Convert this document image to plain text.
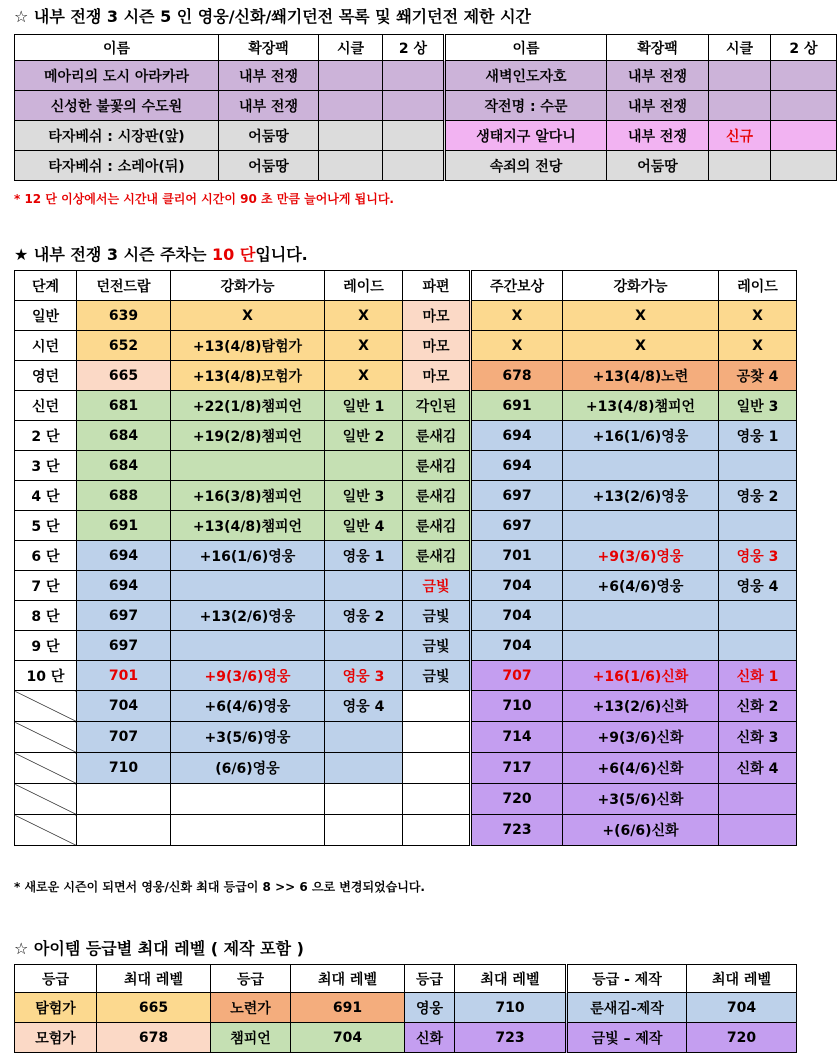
☆ 내부 전쟁 3 시즌 5 인 영웅/신화/쐐기던전 목록 및 쐐기던전 제한 시간
이름	확장팩	시클	2 상	이름	확장팩	시클	2 상
메아리의 도시 아라카라	내부 전쟁			새벽인도자호	내부 전쟁		
신성한 불꽃의 수도원	내부 전쟁			작전명 : 수문	내부 전쟁		
타자베쉬 : 시장판(앞)	어둠땅			생태지구 알다니	내부 전쟁	신규	
타자베쉬 : 소레아(뒤)	어둠땅			속죄의 전당	어둠땅		
* 12 단 이상에서는 시간내 클리어 시간이 90 초 만큼 늘어나게 됩니다.
★ 내부 전쟁 3 시즌 주차는 10 단입니다.
단계	던전드랍	강화가능	레이드	파편	주간보상	강화가능	레이드
일반	639	X	X	마모	X	X	X
시던	652	+13(4/8)탐험가	X	마모	X	X	X
영던	665	+13(4/8)모험가	X	마모	678	+13(4/8)노련	공찾 4
신던	681	+22(1/8)챔피언	일반 1	각인된	691	+13(4/8)챔피언	일반 3
2 단	684	+19(2/8)챔피언	일반 2	룬새김	694	+16(1/6)영웅	영웅 1
3 단	684			룬새김	694		
4 단	688	+16(3/8)챔피언	일반 3	룬새김	697	+13(2/6)영웅	영웅 2
5 단	691	+13(4/8)챔피언	일반 4	룬새김	697		
6 단	694	+16(1/6)영웅	영웅 1	룬새김	701	+9(3/6)영웅	영웅 3
7 단	694			금빛	704	+6(4/6)영웅	영웅 4
8 단	697	+13(2/6)영웅	영웅 2	금빛	704		
9 단	697			금빛	704		
10 단	701	+9(3/6)영웅	영웅 3	금빛	707	+16(1/6)신화	신화 1
	704	+6(4/6)영웅	영웅 4		710	+13(2/6)신화	신화 2
	707	+3(5/6)영웅			714	+9(3/6)신화	신화 3
	710	(6/6)영웅			717	+6(4/6)신화	신화 4
					720	+3(5/6)신화	
					723	+(6/6)신화	
* 새로운 시즌이 되면서 영웅/신화 최대 등급이 8 >> 6 으로 변경되었습니다.
☆ 아이템 등급별 최대 레벨 ( 제작 포함 )
등급	최대 레벨	등급	최대 레벨	등급	최대 레벨	등급 - 제작	최대 레벨
탐험가	665	노련가	691	영웅	710	룬새김-제작	704
모험가	678	챔피언	704	신화	723	금빛 – 제작	720
